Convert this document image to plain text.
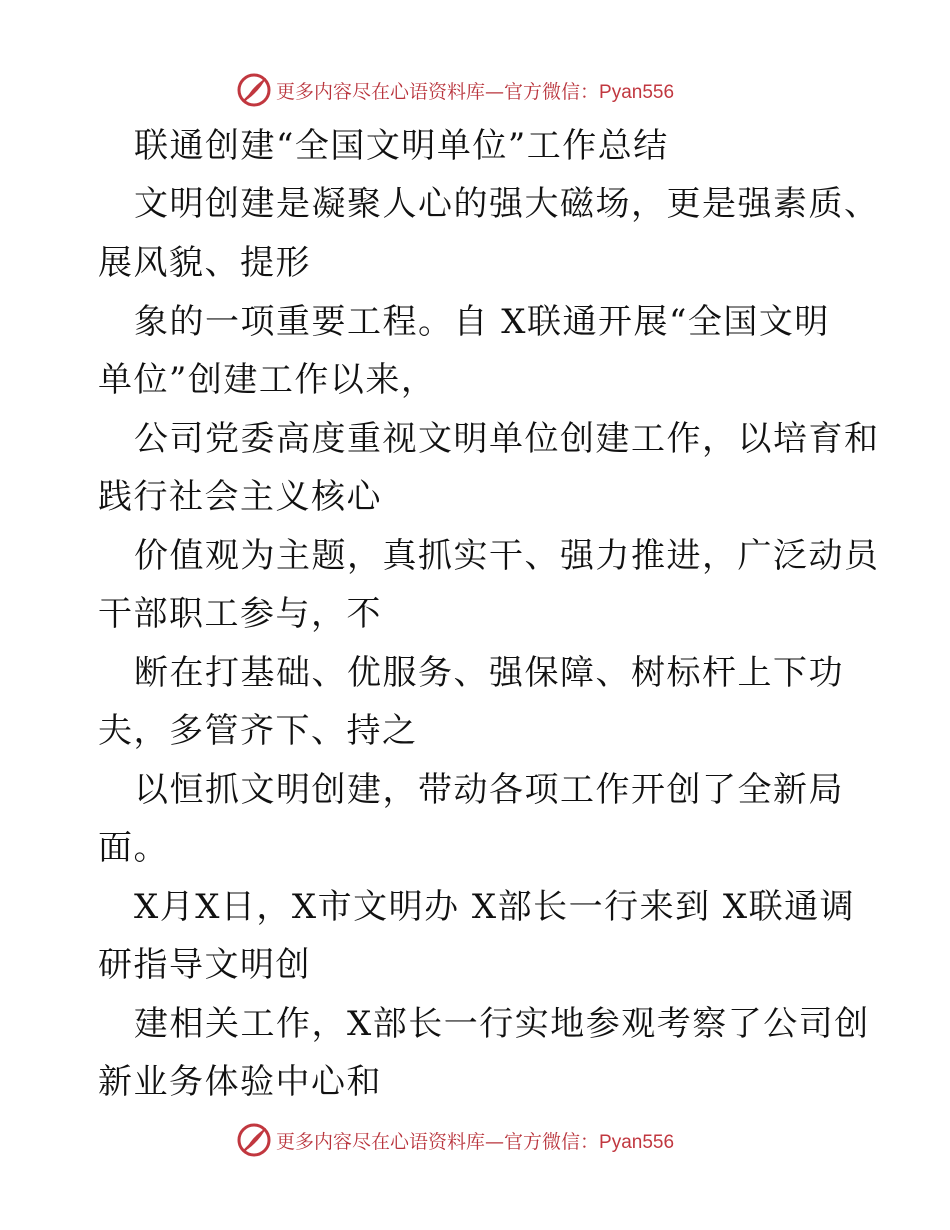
更多内容尽在心语资料库—官方微信：Pyan556
联通创建“全国文明单位”工作总结
文明创建是凝聚人心的强大磁场，更是强素质、
展风貌、提形
象的一项重要工程。自 X联通开展“全国文明
单位”创建工作以来，
公司党委高度重视文明单位创建工作，以培育和
践行社会主义核心
价值观为主题，真抓实干、强力推进，广泛动员
干部职工参与，不
断在打基础、优服务、强保障、树标杆上下功
夫，多管齐下、持之
以恒抓文明创建，带动各项工作开创了全新局
面。
X月X日，X市文明办 X部长一行来到 X联通调
研指导文明创
建相关工作，X部长一行实地参观考察了公司创
新业务体验中心和
更多内容尽在心语资料库—官方微信：Pyan556
